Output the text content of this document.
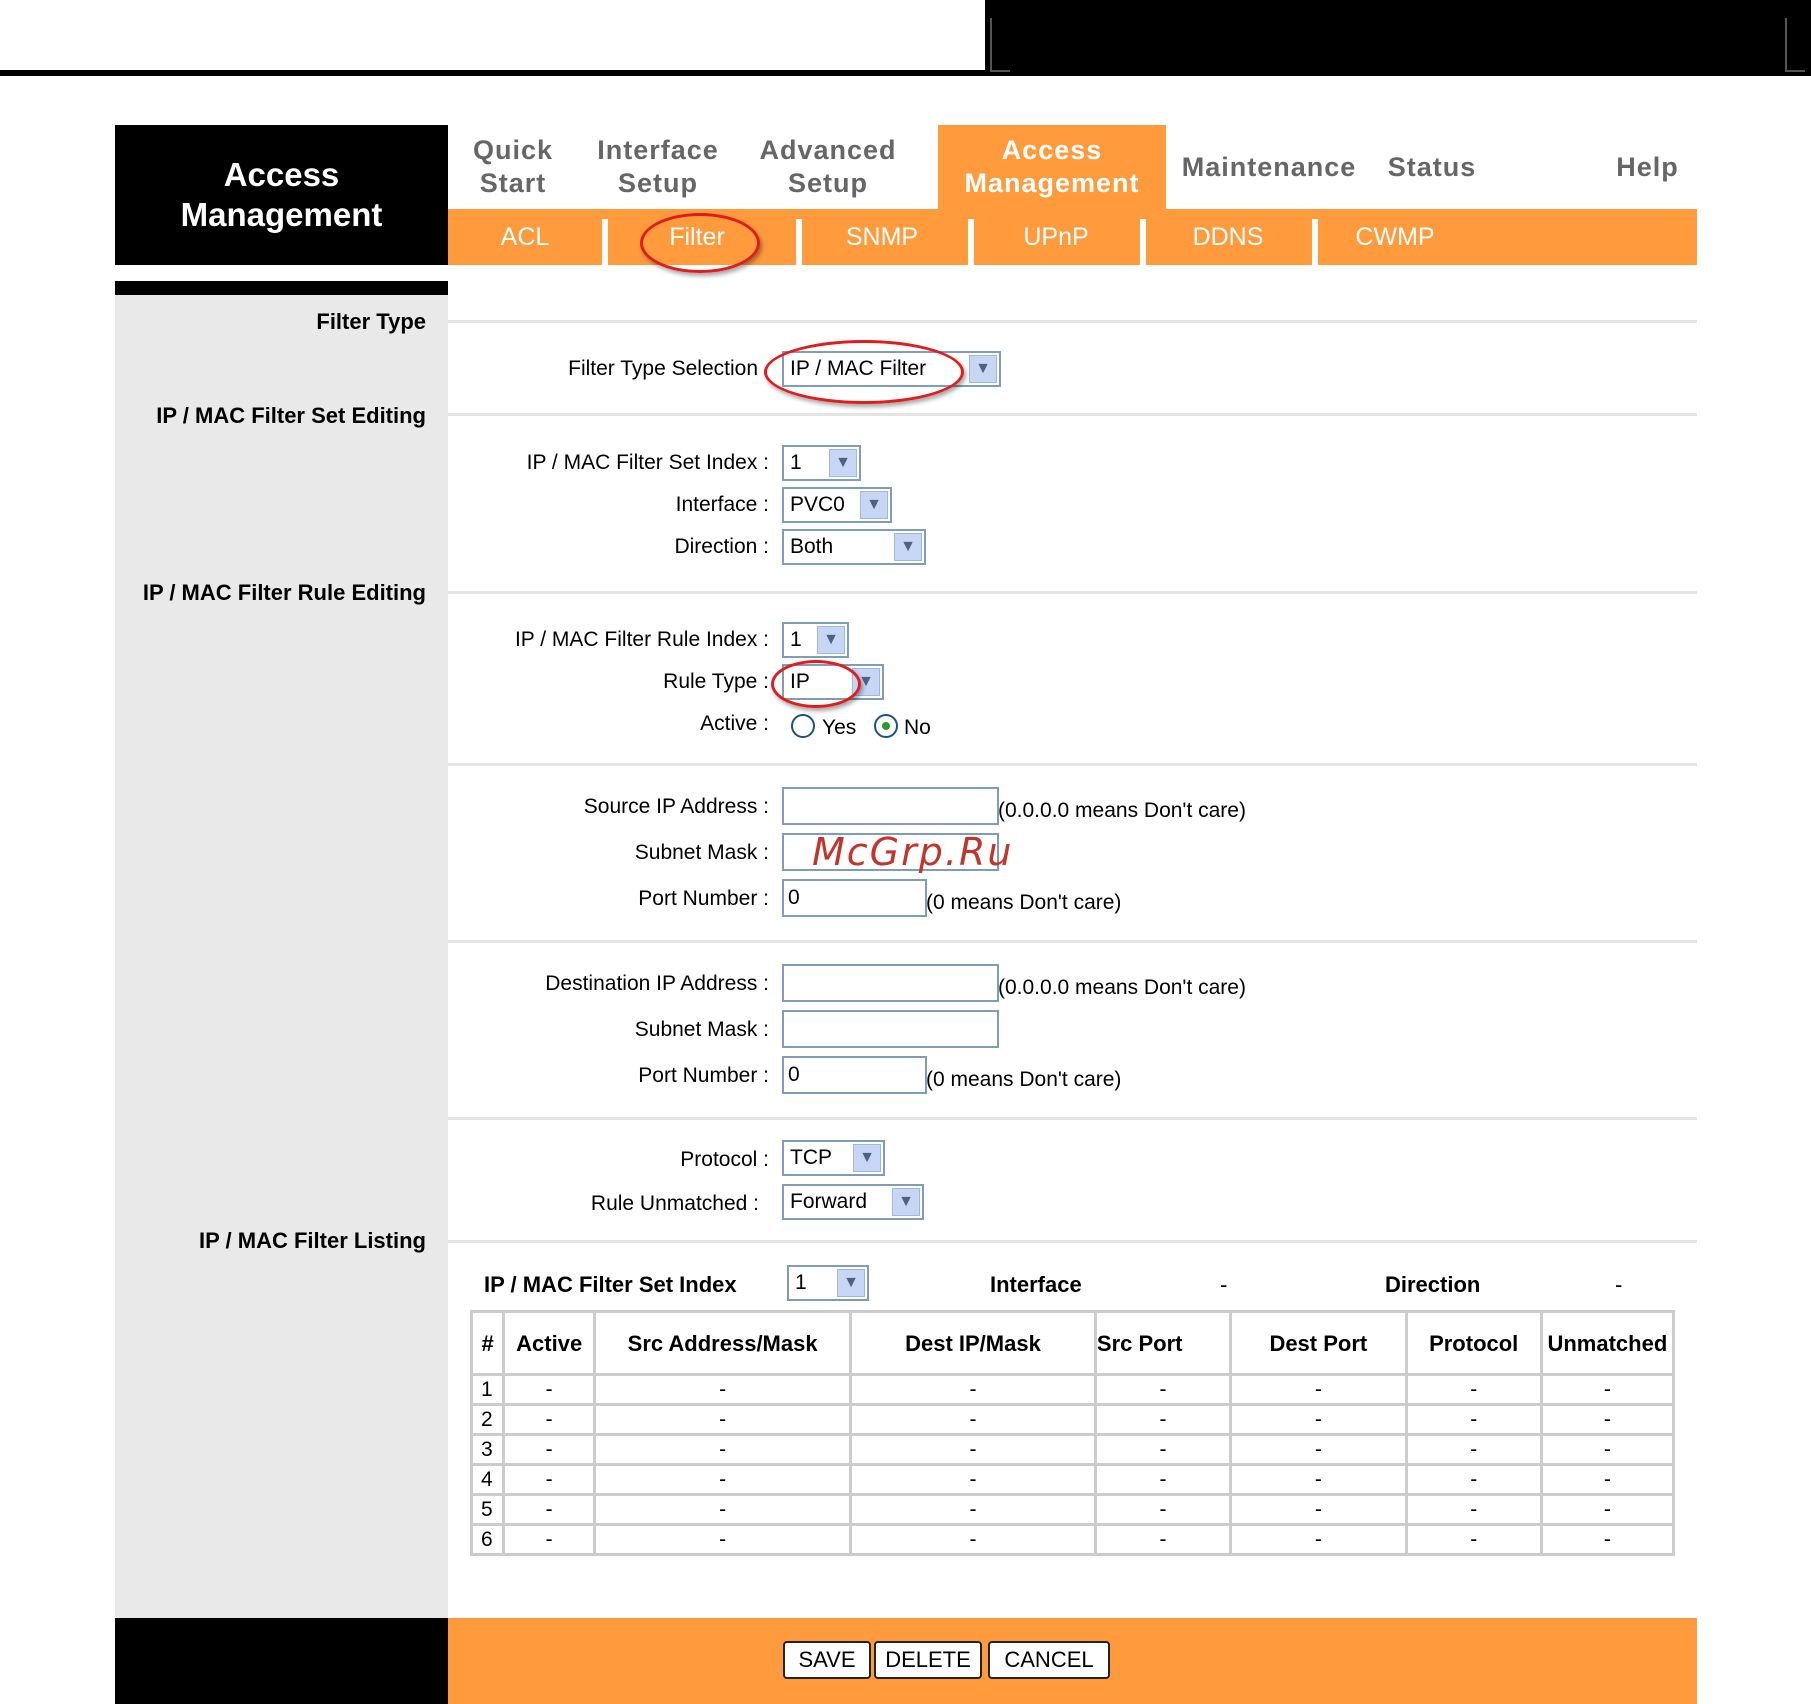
Access
Management
Quick
Start
Interface
Setup
Advanced
Setup
Access
Management
Maintenance Status	Help
ACL	Filter	SNMP	UPnP	DDNS	CWMP
Filter Type
IP / MAC Filter Set Editing
IP / MAC Filter Rule Editing
IP / MAC Filter Listing
Filter Type Selection IP / MAC Filter	▼
IP / MAC Filter Set Index : 1	▼
Interface : PVC0	▼
Direction : Both	▼
IP / MAC Filter Rule Index : 1	▼
Rule Type : IP	▼
Active :	Yes No
Source IP Address :	(0.0.0.0 means Don't care)
Subnet Mask :
Port Number : 0	(0 means Don't care)
Destination IP Address :	(0.0.0.0 means Don't care)
Subnet Mask :
Port Number : 0	(0 means Don't care)
Protocol : TCP	▼
Rule Unmatched : Forward	▼
IP / MAC Filter Set Index	1	▼	Interface	-	Direction	-
#	Active	Src Address/Mask	Dest IP/Mask	Src Port	Dest Port	Protocol	Unmatched
1	-	-	-	-	-	-	-
2	-	-	-	-	-	-	-
3	-	-	-	-	-	-	-
4	-	-	-	-	-	-	-
5	-	-	-	-	-	-	-
6	-	-	-	-	-	-	-
SAVE	DELETE	CANCEL
McGrp.Ru
